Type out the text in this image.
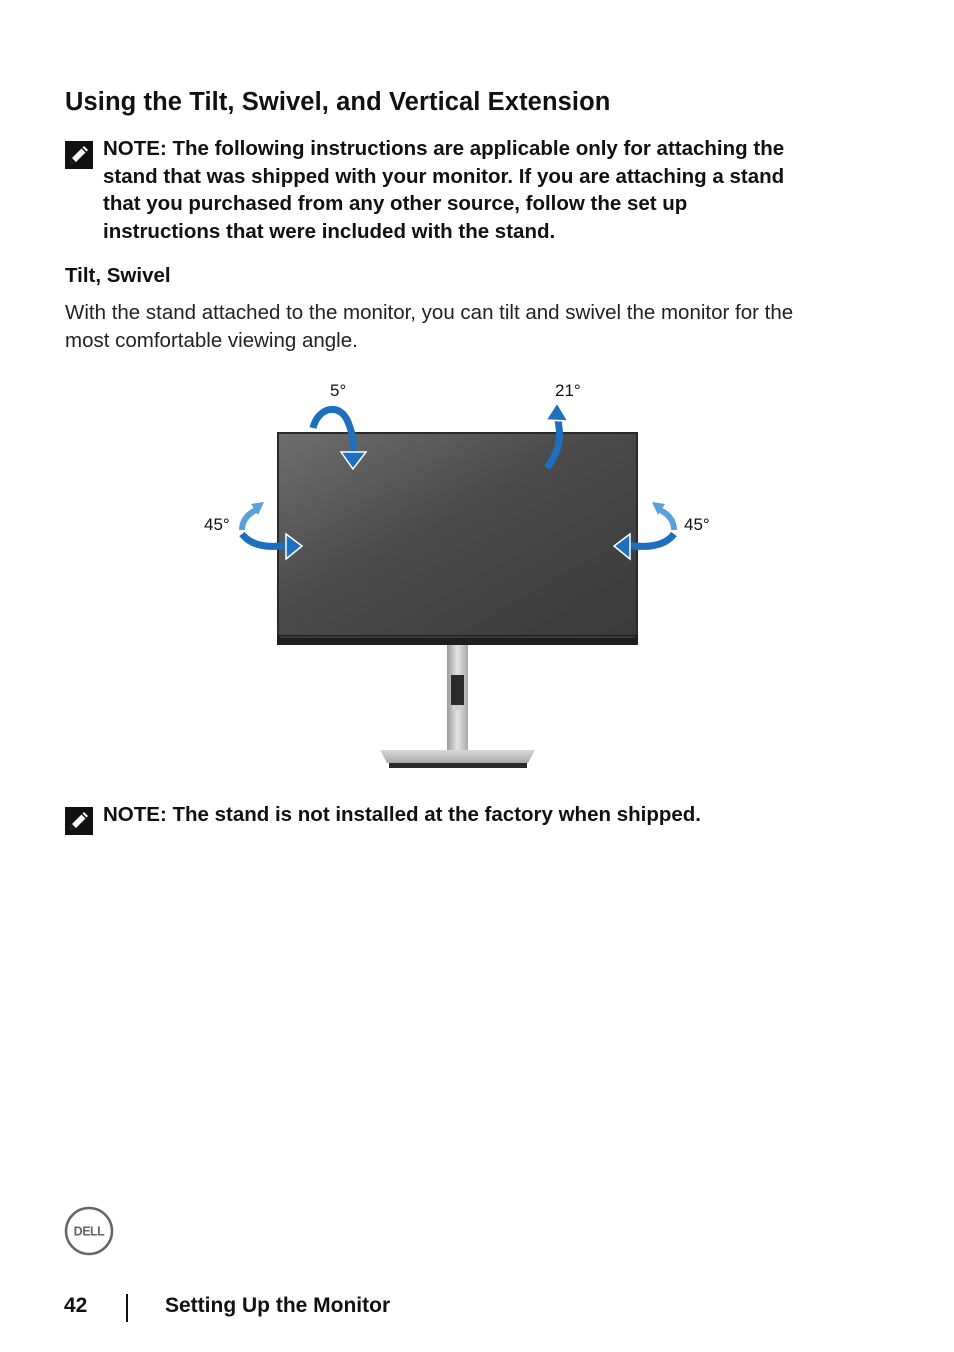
Using the Tilt, Swivel, and Vertical Extension
NOTE: The following instructions are applicable only for attaching the
stand that was shipped with your monitor. If you are attaching a stand
that you purchased from any other source, follow the set up
instructions that were included with the stand.
Tilt, Swivel
With the stand attached to the monitor, you can tilt and swivel the monitor for the
most comfortable viewing angle.
5°	21°
45°	45°
NOTE: The stand is not installed at the factory when shipped.
DELL
42	Setting Up the Monitor
